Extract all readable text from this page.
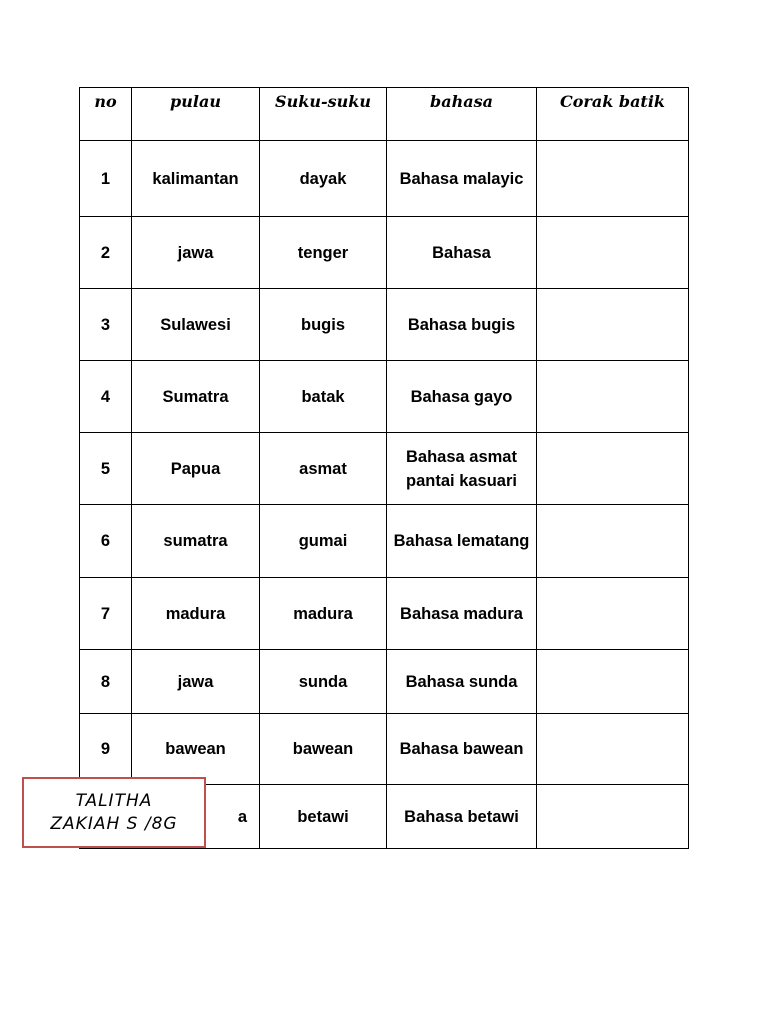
no	pulau	Suku-suku	bahasa	Corak batik
1	kalimantan	dayak	Bahasa malayic	
2	jawa	tenger	Bahasa	
3	Sulawesi	bugis	Bahasa bugis	
4	Sumatra	batak	Bahasa gayo	
5	Papua	asmat	Bahasa asmat pantai kasuari	
6	sumatra	gumai	Bahasa lematang	
7	madura	madura	Bahasa madura	
8	jawa	sunda	Bahasa sunda	
9	bawean	bawean	Bahasa bawean	
	a	betawi	Bahasa betawi	
TALITHA
ZAKIAH S /8G
